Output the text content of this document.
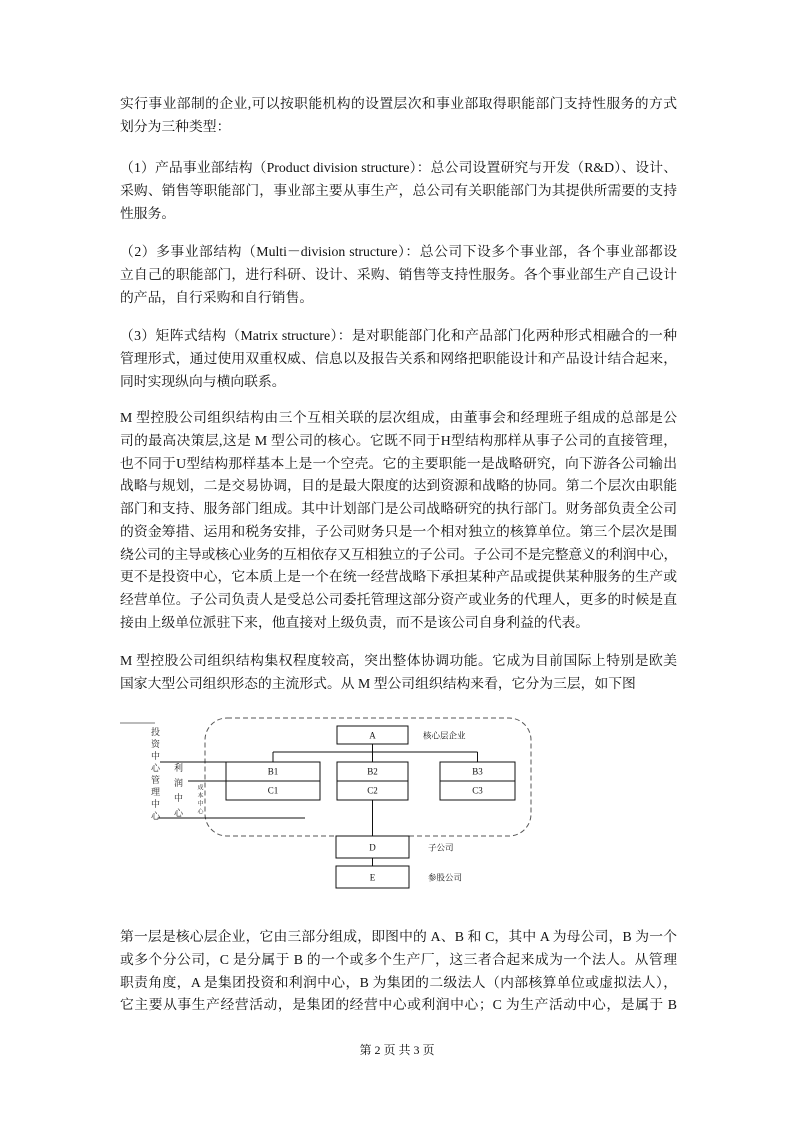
实行事业部制的企业,可以按职能机构的设置层次和事业部取得职能部门支持性服务的方式
划分为三种类型：
（1）产品事业部结构（Product division structure）：总公司设置研究与开发（R&D）、设计、
采购、销售等职能部门，事业部主要从事生产，总公司有关职能部门为其提供所需要的支持
性服务。
（2）多事业部结构（Multi－division structure）：总公司下设多个事业部，各个事业部都设
立自己的职能部门，进行科研、设计、采购、销售等支持性服务。各个事业部生产自己设计
的产品，自行采购和自行销售。
（3）矩阵式结构（Matrix structure）：是对职能部门化和产品部门化两种形式相融合的一种
管理形式，通过使用双重权威、信息以及报告关系和网络把职能设计和产品设计结合起来，
同时实现纵向与横向联系。
M 型控股公司组织结构由三个互相关联的层次组成，由董事会和经理班子组成的总部是公
司的最高决策层,这是 M 型公司的核心。它既不同于H型结构那样从事子公司的直接管理，
也不同于U型结构那样基本上是一个空壳。它的主要职能一是战略研究，向下游各公司输出
战略与规划，二是交易协调，目的是最大限度的达到资源和战略的协同。第二个层次由职能
部门和支持、服务部门组成。其中计划部门是公司战略研究的执行部门。财务部负责全公司
的资金筹措、运用和税务安排，子公司财务只是一个相对独立的核算单位。第三个层次是围
绕公司的主导或核心业务的互相依存又互相独立的子公司。子公司不是完整意义的利润中心，
更不是投资中心，它本质上是一个在统一经营战略下承担某种产品或提供某种服务的生产或
经营单位。子公司负责人是受总公司委托管理这部分资产或业务的代理人，更多的时候是直
接由上级单位派驻下来，他直接对上级负责，而不是该公司自身利益的代表。
M 型控股公司组织结构集权程度较高，突出整体协调功能。它成为目前国际上特别是欧美
国家大型公司组织形态的主流形式。从 M 型公司组织结构来看，它分为三层，如下图
A	核心层企业
B1
C1
B2
C2
B3
C3
D	子公司
E	参股公司
投资中心管理中心 利润中心 成本中心
第一层是核心层企业，它由三部分组成，即图中的 A、B 和 C，其中 A 为母公司，B 为一个
或多个分公司，C 是分属于 B 的一个或多个生产厂，这三者合起来成为一个法人。从管理
职责角度，A 是集团投资和利润中心，B 为集团的二级法人（内部核算单位或虚拟法人），
它主要从事生产经营活动，是集团的经营中心或利润中心；C 为生产活动中心，是属于 B
第 2 页 共 3 页
